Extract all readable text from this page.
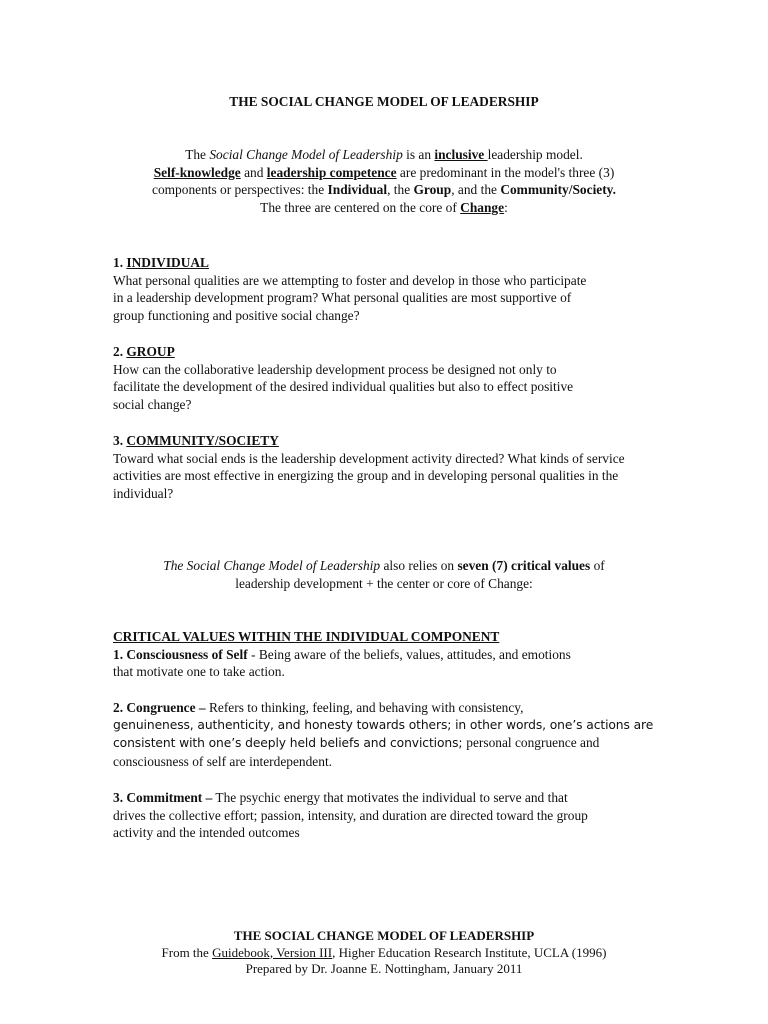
THE SOCIAL CHANGE MODEL OF LEADERSHIP
The Social Change Model of Leadership is an inclusive leadership model.
Self-knowledge and leadership competence are predominant in the model's three (3)
components or perspectives: the Individual, the Group, and the Community/Society.
The three are centered on the core of Change:
1. INDIVIDUAL
What personal qualities are we attempting to foster and develop in those who participate
in a leadership development program? What personal qualities are most supportive of
group functioning and positive social change?
2. GROUP
How can the collaborative leadership development process be designed not only to
facilitate the development of the desired individual qualities but also to effect positive
social change?
3. COMMUNITY/SOCIETY
Toward what social ends is the leadership development activity directed? What kinds of service
activities are most effective in energizing the group and in developing personal qualities in the
individual?
The Social Change Model of Leadership also relies on seven (7) critical values of
leadership development + the center or core of Change:
CRITICAL VALUES WITHIN THE INDIVIDUAL COMPONENT
1. Consciousness of Self - Being aware of the beliefs, values, attitudes, and emotions
that motivate one to take action.
2. Congruence – Refers to thinking, feeling, and behaving with consistency,
genuineness, authenticity, and honesty towards others; in other words, one’s actions are
consistent with one’s deeply held beliefs and convictions; personal congruence and
consciousness of self are interdependent.
3. Commitment – The psychic energy that motivates the individual to serve and that
drives the collective effort; passion, intensity, and duration are directed toward the group
activity and the intended outcomes
THE SOCIAL CHANGE MODEL OF LEADERSHIP
From the Guidebook, Version III, Higher Education Research Institute, UCLA (1996)
Prepared by Dr. Joanne E. Nottingham, January 2011
